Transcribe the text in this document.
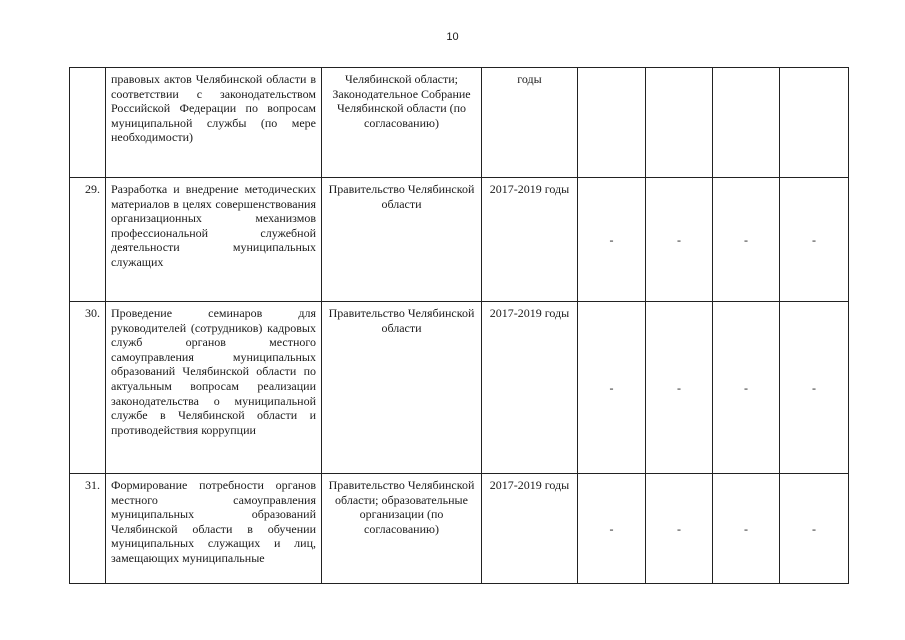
10
	правовых актов Челябинской области в соответствии с законодательством Российской Федерации по вопросам муниципальной службы (по мере необходимости)	Челябинской области; Законодательное Собрание Челябинской области (по согласованию)	годы				
29.	Разработка и внедрение методических материалов в целях совершенствования организационных механизмов профессиональной служебной деятельности муниципальных служащих	Правительство Челябинской области	2017-2019 годы	-	-	-	-
30.	Проведение семинаров для руководителей (сотрудников) кадровых служб органов местного самоуправления муниципальных образований Челябинской области по актуальным вопросам реализации законодательства о муниципальной службе в Челябинской области и противодействия коррупции	Правительство Челябинской области	2017-2019 годы	-	-	-	-
31.	Формирование потребности органов местного самоуправления муниципальных образований Челябинской области в обучении муниципальных служащих и лиц, замещающих муниципальные	Правительство Челябинской области; образовательные организации (по согласованию)	2017-2019 годы	-	-	-	-
